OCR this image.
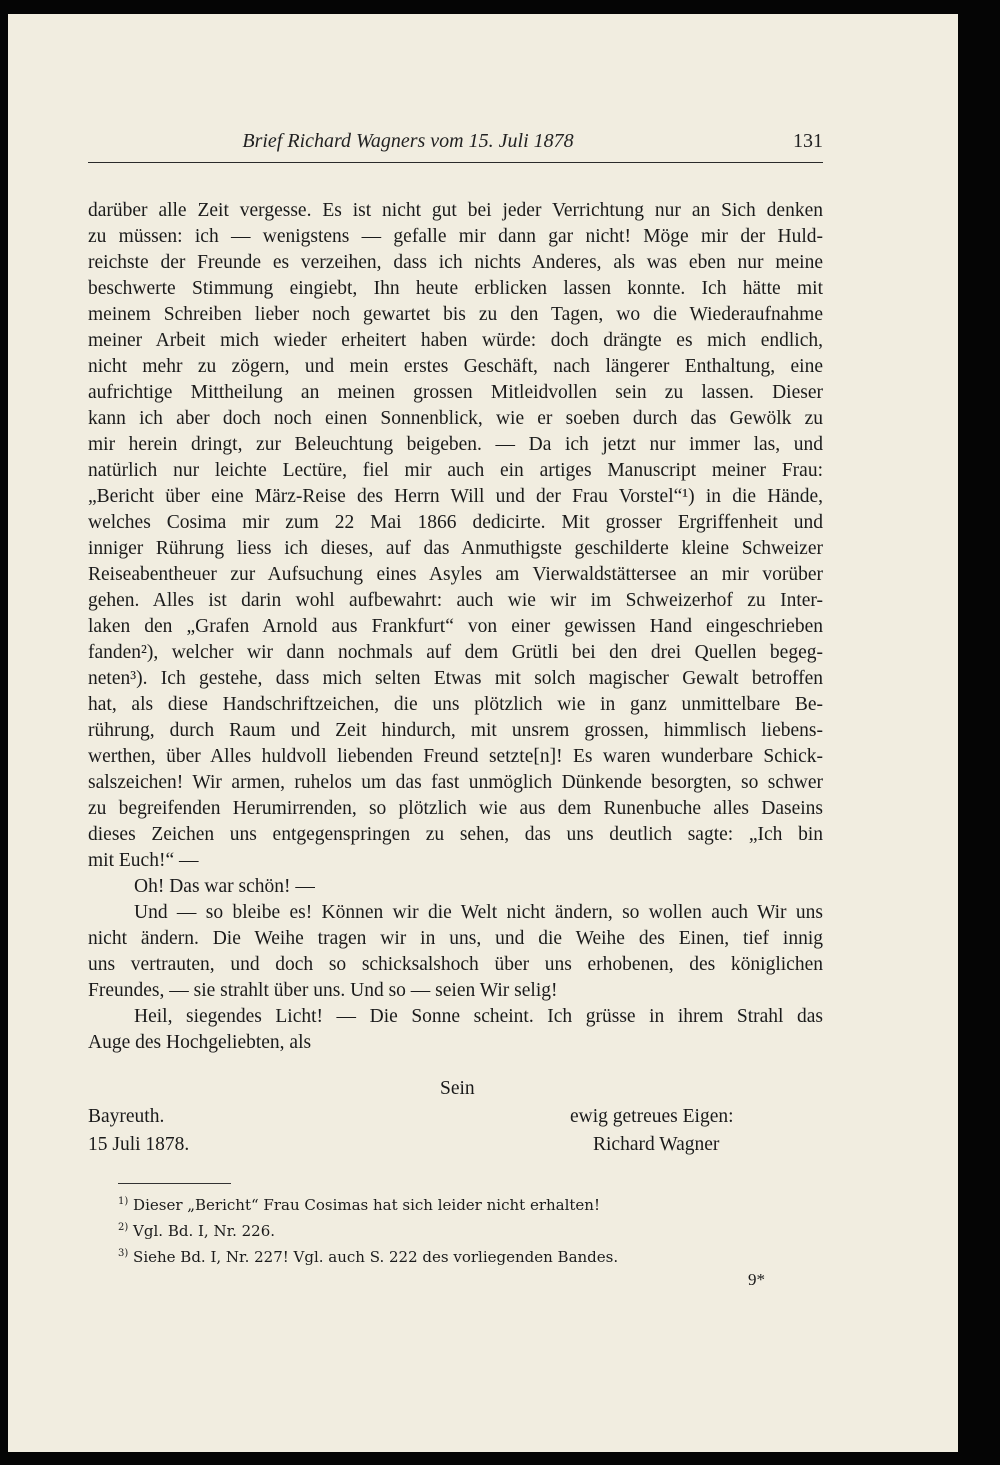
Brief Richard Wagners vom 15. Juli 1878	131
darüber alle Zeit vergesse. Es ist nicht gut bei jeder Verrichtung nur an Sich denken
zu müssen: ich — wenigstens — gefalle mir dann gar nicht! Möge mir der Huld-
reichste der Freunde es verzeihen, dass ich nichts Anderes, als was eben nur meine
beschwerte Stimmung eingiebt, Ihn heute erblicken lassen konnte. Ich hätte mit
meinem Schreiben lieber noch gewartet bis zu den Tagen, wo die Wiederaufnahme
meiner Arbeit mich wieder erheitert haben würde: doch drängte es mich endlich,
nicht mehr zu zögern, und mein erstes Geschäft, nach längerer Enthaltung, eine
aufrichtige Mittheilung an meinen grossen Mitleidvollen sein zu lassen. Dieser
kann ich aber doch noch einen Sonnenblick, wie er soeben durch das Gewölk zu
mir herein dringt, zur Beleuchtung beigeben. — Da ich jetzt nur immer las, und
natürlich nur leichte Lectüre, fiel mir auch ein artiges Manuscript meiner Frau:
„Bericht über eine März-Reise des Herrn Will und der Frau Vorstel“¹) in die Hände,
welches Cosima mir zum 22 Mai 1866 dedicirte. Mit grosser Ergriffenheit und
inniger Rührung liess ich dieses, auf das Anmuthigste geschilderte kleine Schweizer
Reiseabentheuer zur Aufsuchung eines Asyles am Vierwaldstättersee an mir vorüber
gehen. Alles ist darin wohl aufbewahrt: auch wie wir im Schweizerhof zu Inter-
laken den „Grafen Arnold aus Frankfurt“ von einer gewissen Hand eingeschrieben
fanden²), welcher wir dann nochmals auf dem Grütli bei den drei Quellen begeg-
neten³). Ich gestehe, dass mich selten Etwas mit solch magischer Gewalt betroffen
hat, als diese Handschriftzeichen, die uns plötzlich wie in ganz unmittelbare Be-
rührung, durch Raum und Zeit hindurch, mit unsrem grossen, himmlisch liebens-
werthen, über Alles huldvoll liebenden Freund setzte[n]! Es waren wunderbare Schick-
salszeichen! Wir armen, ruhelos um das fast unmöglich Dünkende besorgten, so schwer
zu begreifenden Herumirrenden, so plötzlich wie aus dem Runenbuche alles Daseins
dieses Zeichen uns entgegenspringen zu sehen, das uns deutlich sagte: „Ich bin
mit Euch!“ —
Oh! Das war schön! —
Und — so bleibe es! Können wir die Welt nicht ändern, so wollen auch Wir uns
nicht ändern. Die Weihe tragen wir in uns, und die Weihe des Einen, tief innig
uns vertrauten, und doch so schicksalshoch über uns erhobenen, des königlichen
Freundes, — sie strahlt über uns. Und so — seien Wir selig!
Heil, siegendes Licht! — Die Sonne scheint. Ich grüsse in ihrem Strahl das
Auge des Hochgeliebten, als
Sein
Bayreuth.	ewig getreues Eigen:
15 Juli 1878.	Richard Wagner
$^{1)}$ Dieser „Bericht“ Frau Cosimas hat sich leider nicht erhalten!
$^{2)}$ Vgl. Bd. I, Nr. 226.
$^{3)}$ Siehe Bd. I, Nr. 227! Vgl. auch S. 222 des vorliegenden Bandes.
9*
